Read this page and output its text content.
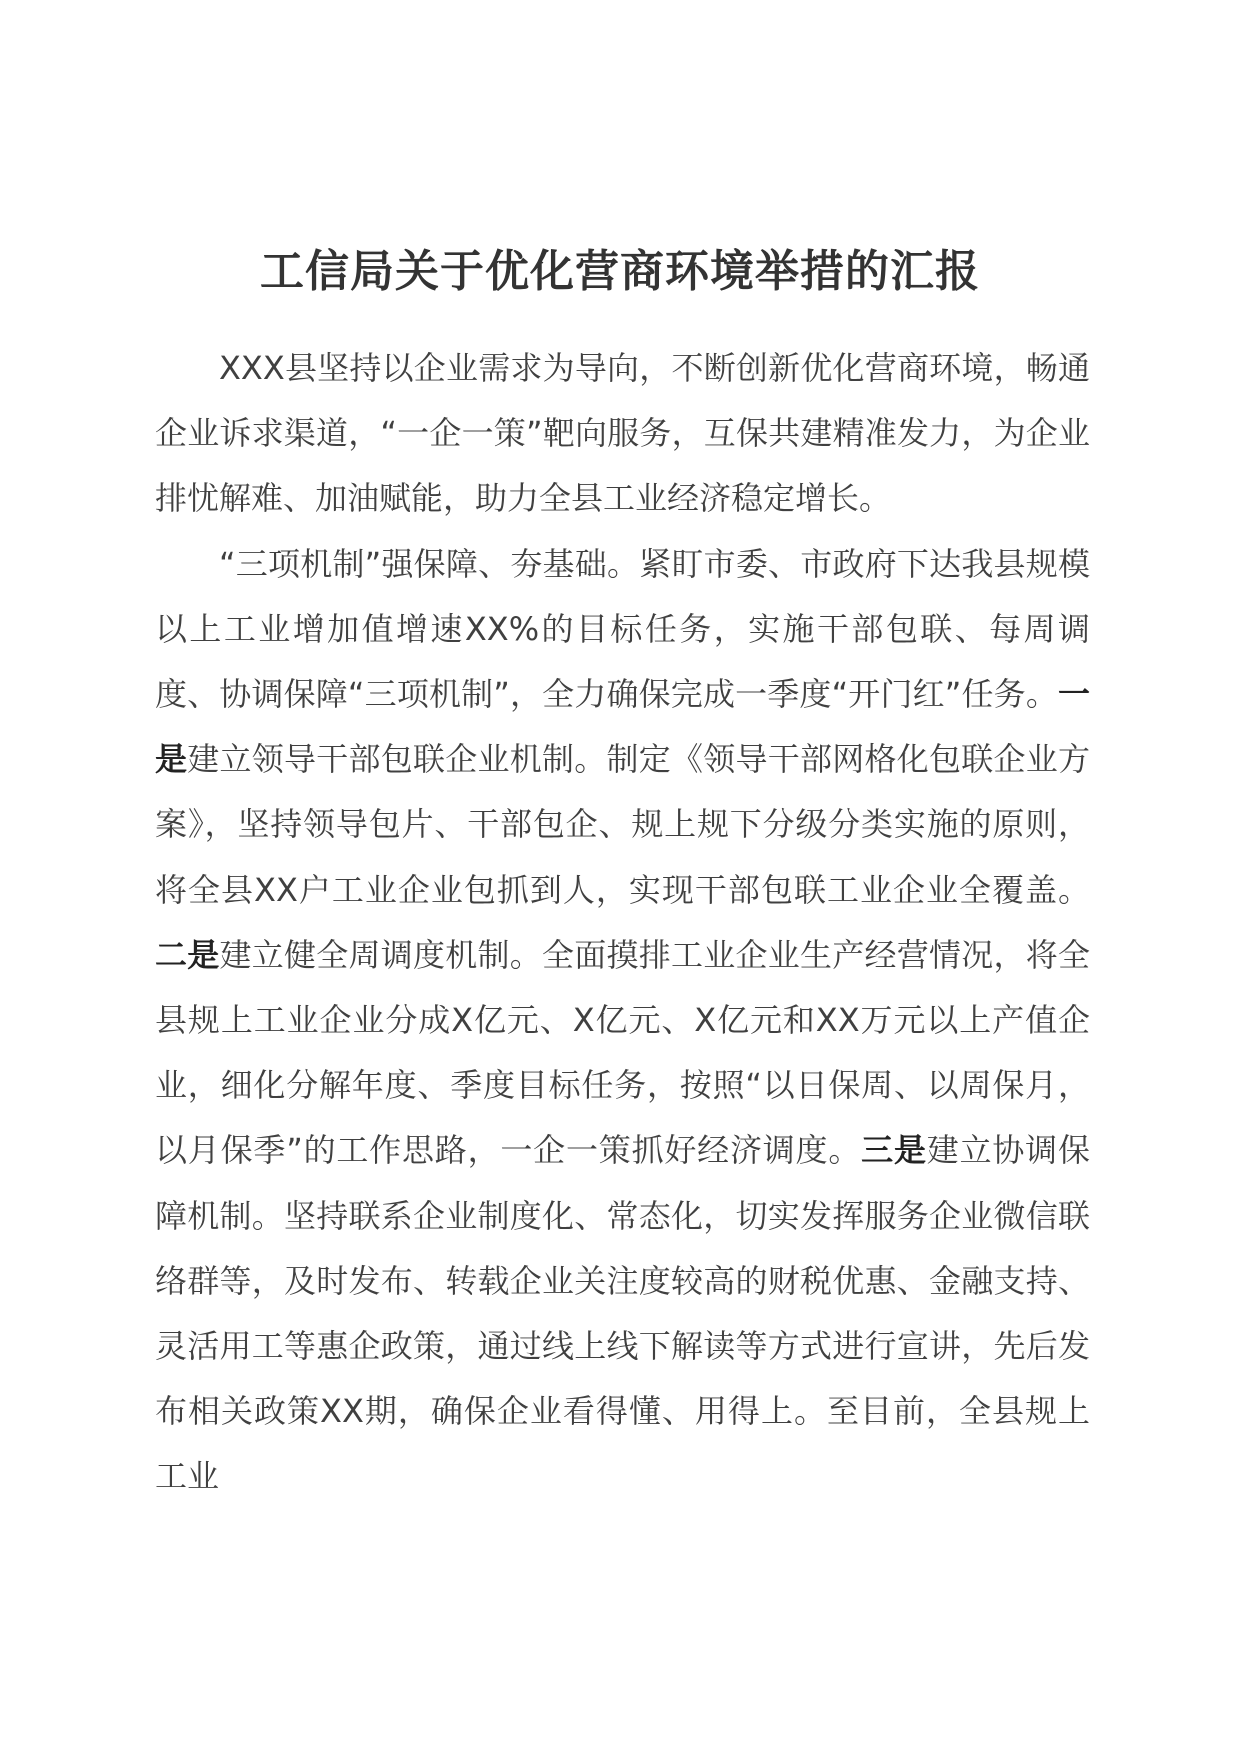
工信局关于优化营商环境举措的汇报

XXX县坚持以企业需求为导向，不断创新优化营商环境，畅通企业诉求渠道，“一企一策”靶向服务，互保共建精准发力，为企业排忧解难、加油赋能，助力全县工业经济稳定增长。

“三项机制”强保障、夯基础。紧盯市委、市政府下达我县规模以上工业增加值增速XX%的目标任务，实施干部包联、每周调度、协调保障“三项机制”，全力确保完成一季度“开门红”任务。一是建立领导干部包联企业机制。制定《领导干部网格化包联企业方案》，坚持领导包片、干部包企、规上规下分级分类实施的原则，将全县XX户工业企业包抓到人，实现干部包联工业企业全覆盖。二是建立健全周调度机制。全面摸排工业企业生产经营情况，将全县规上工业企业分成X亿元、X亿元、X亿元和XX万元以上产值企业，细化分解年度、季度目标任务，按照“以日保周、以周保月，以月保季”的工作思路，一企一策抓好经济调度。三是建立协调保障机制。坚持联系企业制度化、常态化，切实发挥服务企业微信联络群等，及时发布、转载企业关注度较高的财税优惠、金融支持、灵活用工等惠企政策，通过线上线下解读等方式进行宣讲，先后发布相关政策XX期，确保企业看得懂、用得上。至目前，全县规上工业
